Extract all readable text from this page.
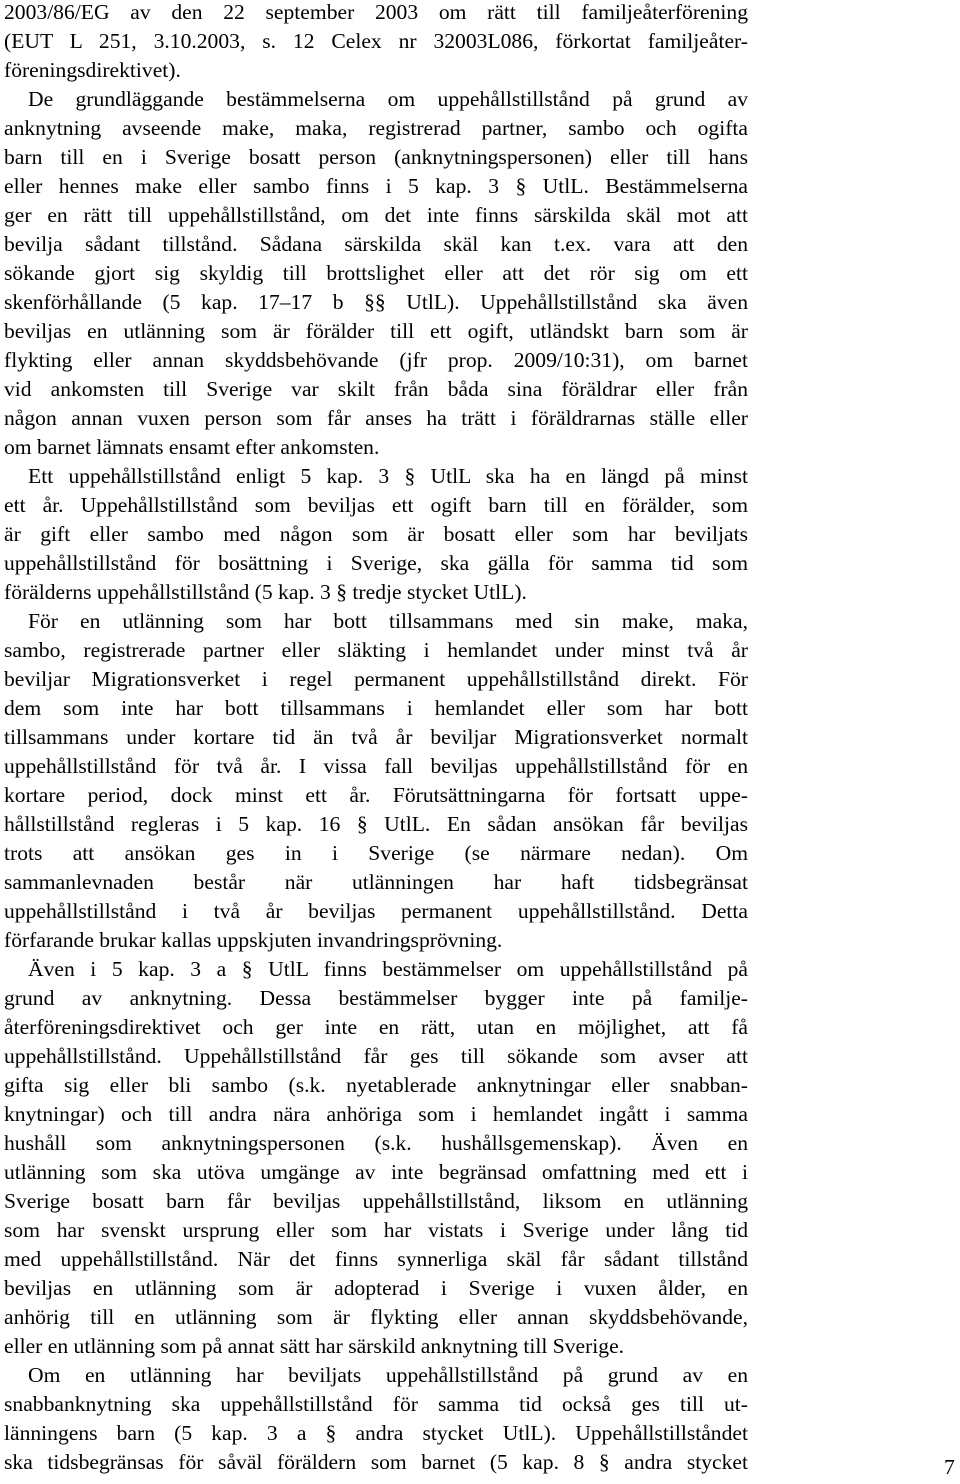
2003/86/EG av den 22 september 2003 om rätt till familjeåterförening
(EUT L 251, 3.10.2003, s. 12 Celex nr 32003L086, förkortat familjeåter-
föreningsdirektivet).
De grundläggande bestämmelserna om uppehållstillstånd på grund av
anknytning avseende make, maka, registrerad partner, sambo och ogifta
barn till en i Sverige bosatt person (anknytningspersonen) eller till hans
eller hennes make eller sambo finns i 5 kap. 3 § UtlL. Bestämmelserna
ger en rätt till uppehållstillstånd, om det inte finns särskilda skäl mot att
bevilja sådant tillstånd. Sådana särskilda skäl kan t.ex. vara att den
sökande gjort sig skyldig till brottslighet eller att det rör sig om ett
skenförhållande (5 kap. 17–17 b §§ UtlL). Uppehållstillstånd ska även
beviljas en utlänning som är förälder till ett ogift, utländskt barn som är
flykting eller annan skyddsbehövande (jfr prop. 2009/10:31), om barnet
vid ankomsten till Sverige var skilt från båda sina föräldrar eller från
någon annan vuxen person som får anses ha trätt i föräldrarnas ställe eller
om barnet lämnats ensamt efter ankomsten.
Ett uppehållstillstånd enligt 5 kap. 3 § UtlL ska ha en längd på minst
ett år. Uppehållstillstånd som beviljas ett ogift barn till en förälder, som
är gift eller sambo med någon som är bosatt eller som har beviljats
uppehållstillstånd för bosättning i Sverige, ska gälla för samma tid som
förälderns uppehållstillstånd (5 kap. 3 § tredje stycket UtlL).
För en utlänning som har bott tillsammans med sin make, maka,
sambo, registrerade partner eller släkting i hemlandet under minst två år
beviljar Migrationsverket i regel permanent uppehållstillstånd direkt. För
dem som inte har bott tillsammans i hemlandet eller som har bott
tillsammans under kortare tid än två år beviljar Migrationsverket normalt
uppehållstillstånd för två år. I vissa fall beviljas uppehållstillstånd för en
kortare period, dock minst ett år. Förutsättningarna för fortsatt uppe-
hållstillstånd regleras i 5 kap. 16 § UtlL. En sådan ansökan får beviljas
trots att ansökan ges in i Sverige (se närmare nedan). Om
sammanlevnaden består när utlänningen har haft tidsbegränsat
uppehållstillstånd i två år beviljas permanent uppehållstillstånd. Detta
förfarande brukar kallas uppskjuten invandringsprövning.
Även i 5 kap. 3 a § UtlL finns bestämmelser om uppehållstillstånd på
grund av anknytning. Dessa bestämmelser bygger inte på familje-
återföreningsdirektivet och ger inte en rätt, utan en möjlighet, att få
uppehållstillstånd. Uppehållstillstånd får ges till sökande som avser att
gifta sig eller bli sambo (s.k. nyetablerade anknytningar eller snabban-
knytningar) och till andra nära anhöriga som i hemlandet ingått i samma
hushåll som anknytningspersonen (s.k. hushållsgemenskap). Även en
utlänning som ska utöva umgänge av inte begränsad omfattning med ett i
Sverige bosatt barn får beviljas uppehållstillstånd, liksom en utlänning
som har svenskt ursprung eller som har vistats i Sverige under lång tid
med uppehållstillstånd. När det finns synnerliga skäl får sådant tillstånd
beviljas en utlänning som är adopterad i Sverige i vuxen ålder, en
anhörig till en utlänning som är flykting eller annan skyddsbehövande,
eller en utlänning som på annat sätt har särskild anknytning till Sverige.
Om en utlänning har beviljats uppehållstillstånd på grund av en
snabbanknytning ska uppehållstillstånd för samma tid också ges till ut-
länningens barn (5 kap. 3 a § andra stycket UtlL). Uppehållstillståndet
ska tidsbegränsas för såväl föräldern som barnet (5 kap. 8 § andra stycket	7
